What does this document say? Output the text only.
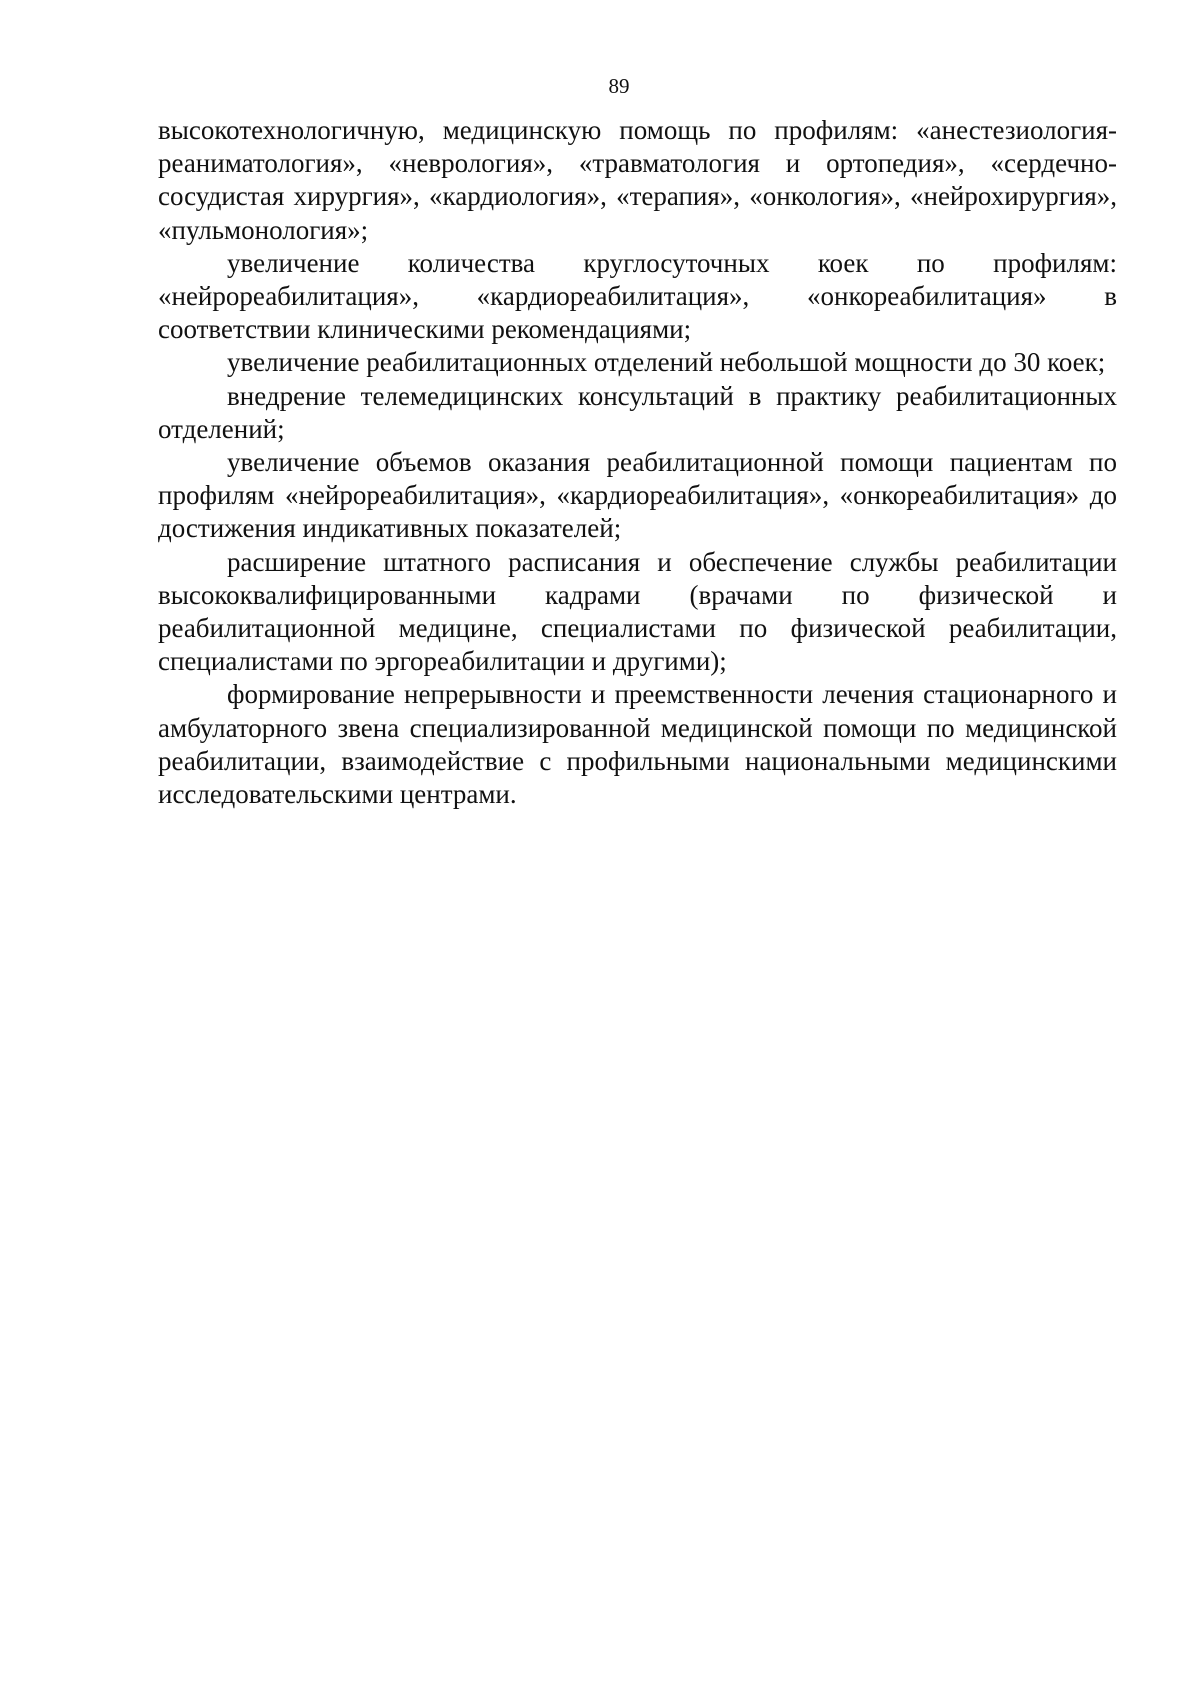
89

высокотехнологичную, медицинскую помощь по профилям: «анестезиология-реаниматология», «неврология», «травматология и ортопедия», «сердечно-сосудистая хирургия», «кардиология», «терапия», «онкология», «нейрохирургия», «пульмонология»;

увеличение количества круглосуточных коек по профилям: «нейрореабилитация», «кардиореабилитация», «онкореабилитация» в соответствии клиническими рекомендациями;

увеличение реабилитационных отделений небольшой мощности до 30 коек;

внедрение телемедицинских консультаций в практику реабилитационных отделений;

увеличение объемов оказания реабилитационной помощи пациентам по профилям «нейрореабилитация», «кардиореабилитация», «онкореабилитация» до достижения индикативных показателей;

расширение штатного расписания и обеспечение службы реабилитации высококвалифицированными кадрами (врачами по физической и реабилитационной медицине, специалистами по физической реабилитации, специалистами по эргореабилитации и другими);

формирование непрерывности и преемственности лечения стационарного и амбулаторного звена специализированной медицинской помощи по медицинской реабилитации, взаимодействие с профильными национальными медицинскими исследовательскими центрами.
